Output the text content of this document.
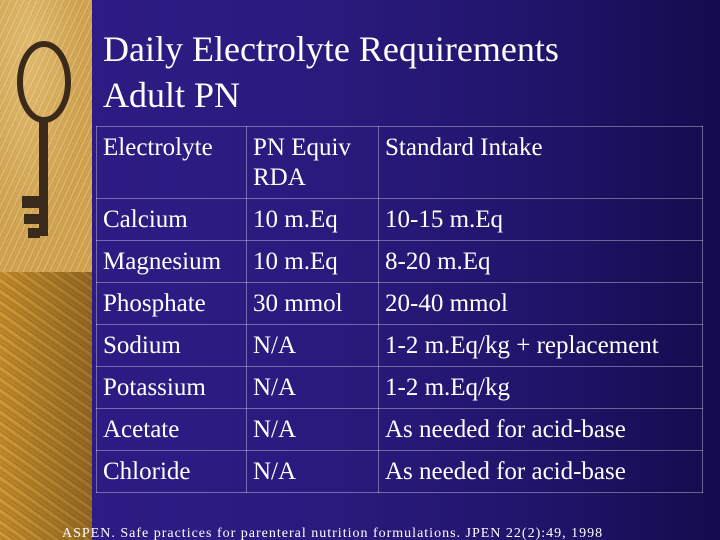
Daily Electrolyte Requirements
Adult PN
Electrolyte	PN Equiv RDA	Standard Intake
Calcium	10 m.Eq	10-15 m.Eq
Magnesium	10 m.Eq	8-20 m.Eq
Phosphate	30 mmol	20-40 mmol
Sodium	N/A	1-2 m.Eq/kg + replacement
Potassium	N/A	1-2 m.Eq/kg
Acetate	N/A	As needed for acid-base
Chloride	N/A	As needed for acid-base
ASPEN. Safe practices for parenteral nutrition formulations. JPEN 22(2):49, 1998
